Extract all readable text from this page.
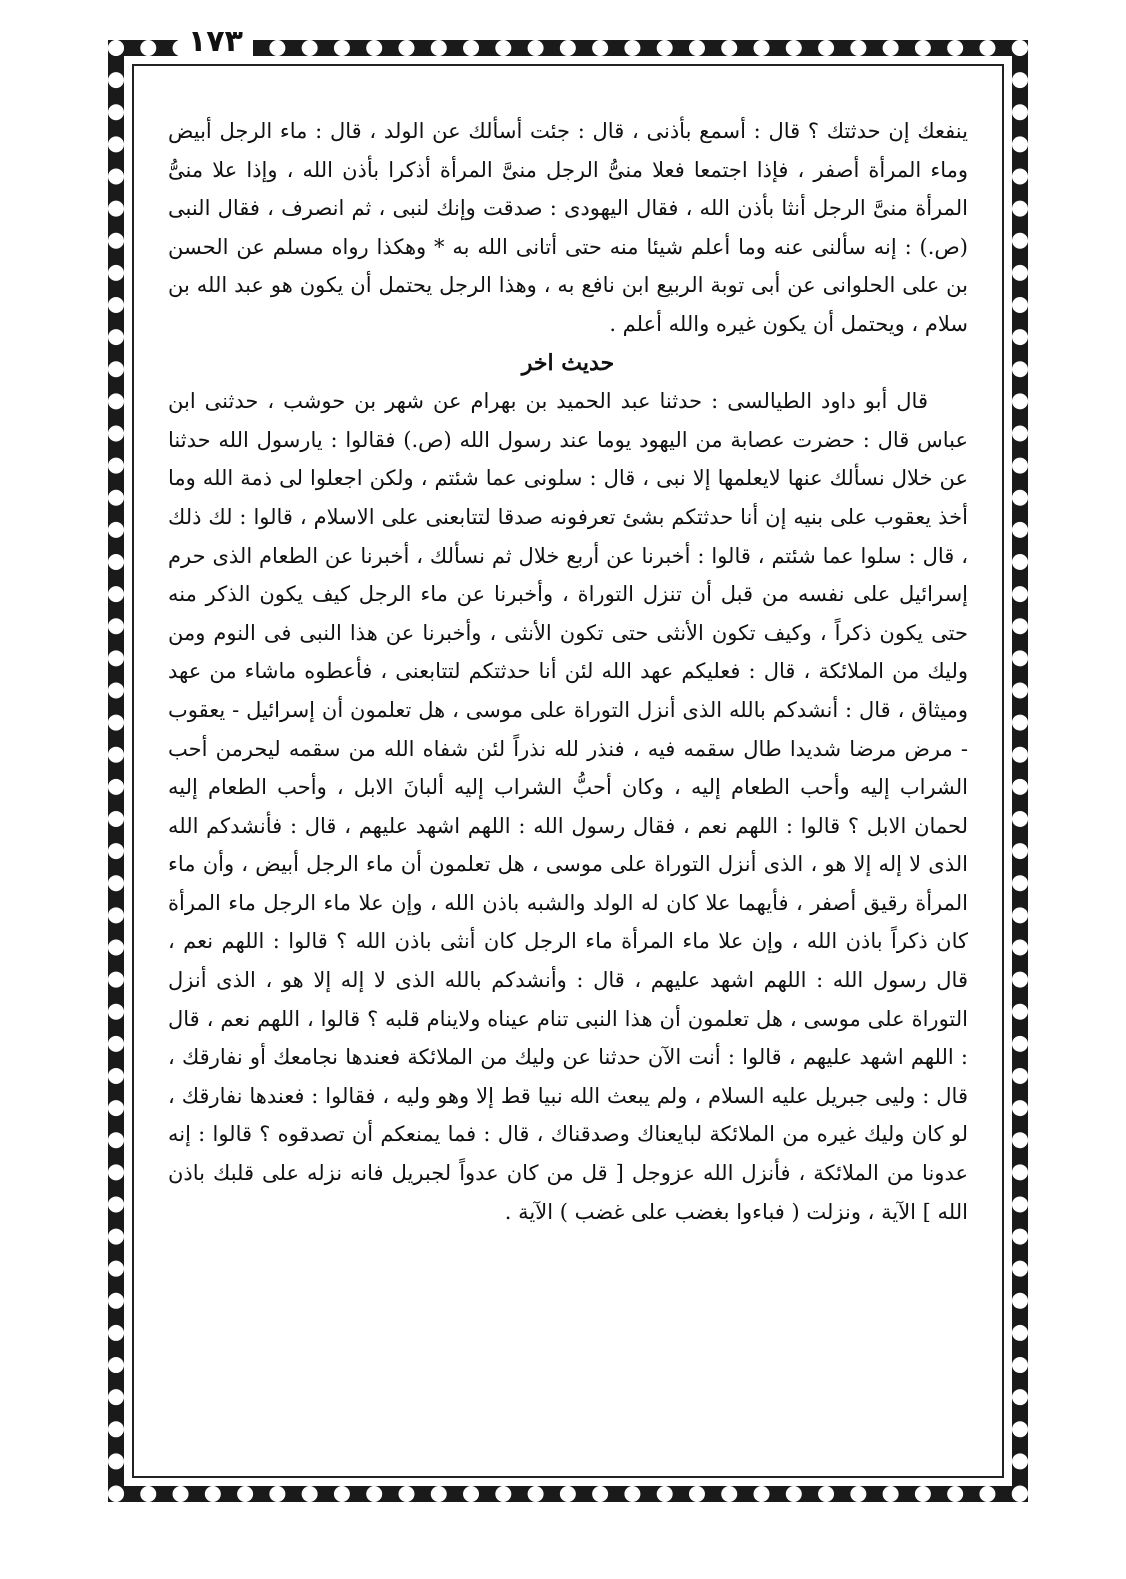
١٧٣

ينفعك إن حدثتك ؟ قال : أسمع بأذنى ، قال : جئت أسألك عن الولد ، قال : ماء الرجل أبيض وماء المرأة أصفر ، فإذا اجتمعا فعلا منىُّ الرجل منىَّ المرأة أذكرا بأذن الله ، وإذا علا منىُّ المرأة منىَّ الرجل أنثا بأذن الله ، فقال اليهودى : صدقت وإنك لنبى ، ثم انصرف ، فقال النبى (ص.) : إنه سألنى عنه وما أعلم شيئا منه حتى أتانى الله به * وهكذا رواه مسلم عن الحسن بن على الحلوانى عن أبى توبة الربيع ابن نافع به ، وهذا الرجل يحتمل أن يكون هو عبد الله بن سلام ، ويحتمل أن يكون غيره والله أعلم .

حديث اخر

قال أبو داود الطيالسى : حدثنا عبد الحميد بن بهرام عن شهر بن حوشب ، حدثنى ابن عباس قال : حضرت عصابة من اليهود يوما عند رسول الله (ص.) فقالوا : يارسول الله حدثنا عن خلال نسألك عنها لايعلمها إلا نبى ، قال : سلونى عما شئتم ، ولكن اجعلوا لى ذمة الله وما أخذ يعقوب على بنيه إن أنا حدثتكم بشئ تعرفونه صدقا لتتابعنى على الاسلام ، قالوا : لك ذلك ، قال : سلوا عما شئتم ، قالوا : أخبرنا عن أربع خلال ثم نسألك ، أخبرنا عن الطعام الذى حرم إسرائيل على نفسه من قبل أن تنزل التوراة ، وأخبرنا عن ماء الرجل كيف يكون الذكر منه حتى يكون ذكراً ، وكيف تكون الأنثى حتى تكون الأنثى ، وأخبرنا عن هذا النبى فى النوم ومن وليك من الملائكة ، قال : فعليكم عهد الله لئن أنا حدثتكم لتتابعنى ، فأعطوه ماشاء من عهد وميثاق ، قال : أنشدكم بالله الذى أنزل التوراة على موسى ، هل تعلمون أن إسرائيل - يعقوب - مرض مرضا شديدا طال سقمه فيه ، فنذر لله نذراً لئن شفاه الله من سقمه ليحرمن أحب الشراب إليه وأحب الطعام إليه ، وكان أحبُّ الشراب إليه ألبانَ الابل ، وأحب الطعام إليه لحمان الابل ؟ قالوا : اللهم نعم ، فقال رسول الله : اللهم اشهد عليهم ، قال : فأنشدكم الله الذى لا إله إلا هو ، الذى أنزل التوراة على موسى ، هل تعلمون أن ماء الرجل أبيض ، وأن ماء المرأة رقيق أصفر ، فأيهما علا كان له الولد والشبه باذن الله ، وإن علا ماء الرجل ماء المرأة كان ذكراً باذن الله ، وإن علا ماء المرأة ماء الرجل كان أنثى باذن الله ؟ قالوا : اللهم نعم ، قال رسول الله : اللهم اشهد عليهم ، قال : وأنشدكم بالله الذى لا إله إلا هو ، الذى أنزل التوراة على موسى ، هل تعلمون أن هذا النبى تنام عيناه ولاينام قلبه ؟ قالوا ، اللهم نعم ، قال : اللهم اشهد عليهم ، قالوا : أنت الآن حدثنا عن وليك من الملائكة فعندها نجامعك أو نفارقك ، قال : وليى جبريل عليه السلام ، ولم يبعث الله نبيا قط إلا وهو وليه ، فقالوا : فعندها نفارقك ، لو كان وليك غيره من الملائكة لبايعناك وصدقناك ، قال : فما يمنعكم أن تصدقوه ؟ قالوا : إنه عدونا من الملائكة ، فأنزل الله عزوجل [ قل من كان عدواً لجبريل فانه نزله على قلبك باذن الله ] الآية ، ونزلت ( فباءوا بغضب على غضب ) الآية .
